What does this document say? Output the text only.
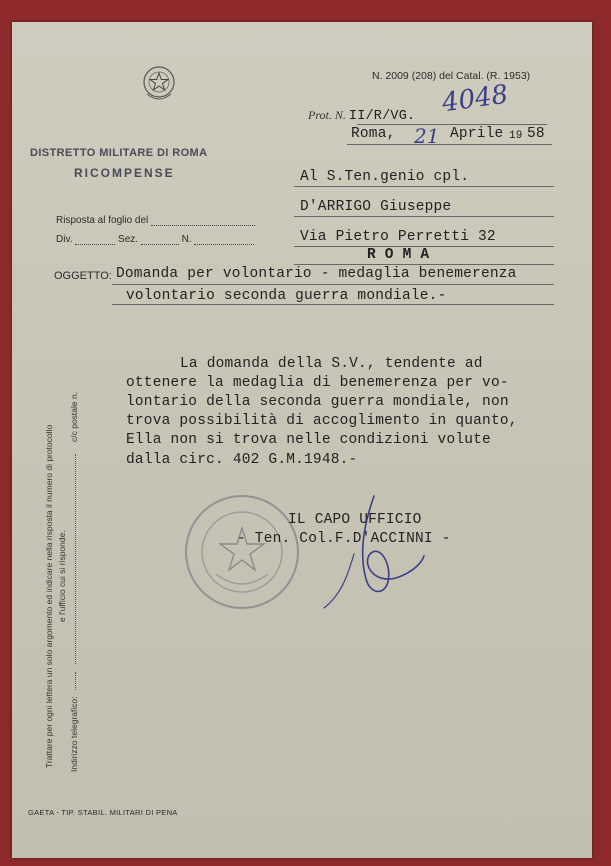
N. 2009 (208) del Catal. (R. 1953)
DISTRETTO MILITARE DI ROMA
RICOMPENSE
Risposta al foglio del
Div.	Sez.	N.
Prot. N. II/R/VG. 4048
Roma, 21 Aprile 19 58
Al S.Ten.genio cpl.
D'ARRIGO Giuseppe
Via Pietro Perretti 32
R O M A
OGGETTO: Domanda per volontario - medaglia benemerenza
volontario seconda guerra mondiale.-
La domanda della S.V., tendente ad
ottenere la medaglia di benemerenza per vo-
lontario della seconda guerra mondiale, non
trova possibilità di accoglimento in quanto,
Ella non si trova nelle condizioni volute
dalla circ. 402 G.M.1948.-
IL CAPO UFFICIO
- Ten. Col.F.D'ACCINNI -
Trattare per ogni lettera un solo argomento ed indicare nella risposta il numero di protocollo e l'ufficio cui si risponde.
c/c postale n.
Indirizzo telegrafico:
GAETA - TIP. STABIL. MILITARI DI PENA
